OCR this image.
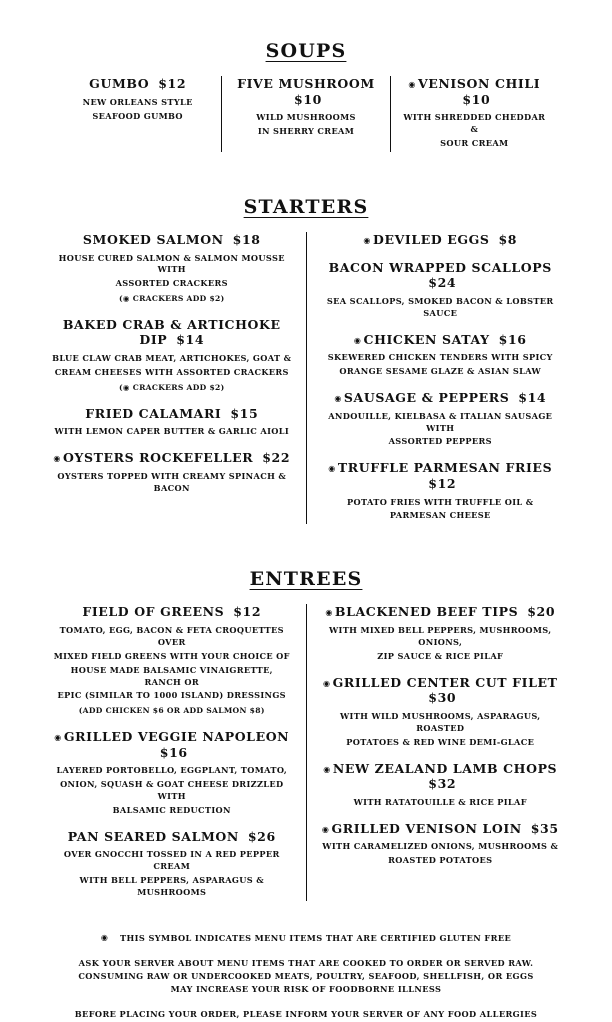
SOUPS
GUMBO $12

NEW ORLEANS STYLE

SEAFOOD GUMBO

FIVE MUSHROOM $10

WILD MUSHROOMS

IN SHERRY CREAM

◉ VENISON CHILI $10

WITH SHREDDED CHEDDAR &

SOUR CREAM

STARTERS
SMOKED SALMON $18

HOUSE CURED SALMON & SALMON MOUSSE WITH

ASSORTED CRACKERS

(◉ CRACKERS ADD $2)

BAKED CRAB & ARTICHOKE DIP $14

BLUE CLAW CRAB MEAT, ARTICHOKES, GOAT &

CREAM CHEESES WITH ASSORTED CRACKERS

(◉ CRACKERS ADD $2)

FRIED CALAMARI $15

WITH LEMON CAPER BUTTER & GARLIC AIOLI

◉ OYSTERS ROCKEFELLER $22

OYSTERS TOPPED WITH CREAMY SPINACH & BACON

◉ DEVILED EGGS $8
BACON WRAPPED SCALLOPS $24

SEA SCALLOPS, SMOKED BACON & LOBSTER SAUCE

◉ CHICKEN SATAY $16

SKEWERED CHICKEN TENDERS WITH SPICY

ORANGE SESAME GLAZE & ASIAN SLAW

◉ SAUSAGE & PEPPERS $14

ANDOUILLE, KIELBASA & ITALIAN SAUSAGE WITH

ASSORTED PEPPERS

◉ TRUFFLE PARMESAN FRIES $12

POTATO FRIES WITH TRUFFLE OIL &

PARMESAN CHEESE

ENTREES
FIELD OF GREENS $12

TOMATO, EGG, BACON & FETA CROQUETTES OVER

MIXED FIELD GREENS WITH YOUR CHOICE OF

HOUSE MADE BALSAMIC VINAIGRETTE, RANCH OR

EPIC (SIMILAR TO 1000 ISLAND) DRESSINGS

(ADD CHICKEN $6 OR ADD SALMON $8)

◉ GRILLED VEGGIE NAPOLEON $16

LAYERED PORTOBELLO, EGGPLANT, TOMATO,

ONION, SQUASH & GOAT CHEESE DRIZZLED WITH

BALSAMIC REDUCTION

PAN SEARED SALMON $26

OVER GNOCCHI TOSSED IN A RED PEPPER CREAM

WITH BELL PEPPERS, ASPARAGUS & MUSHROOMS

◉ BLACKENED BEEF TIPS $20

WITH MIXED BELL PEPPERS, MUSHROOMS, ONIONS,

ZIP SAUCE & RICE PILAF

◉ GRILLED CENTER CUT FILET $30

WITH WILD MUSHROOMS, ASPARAGUS, ROASTED

POTATOES & RED WINE DEMI-GLACE

◉ NEW ZEALAND LAMB CHOPS $32

WITH RATATOUILLE & RICE PILAF

◉ GRILLED VENISON LOIN $35

WITH CARAMELIZED ONIONS, MUSHROOMS &

ROASTED POTATOES

◉ THIS SYMBOL INDICATES MENU ITEMS THAT ARE CERTIFIED GLUTEN FREE

ASK YOUR SERVER ABOUT MENU ITEMS THAT ARE COOKED TO ORDER OR SERVED RAW.

CONSUMING RAW OR UNDERCOOKED MEATS, POULTRY, SEAFOOD, SHELLFISH, OR EGGS

MAY INCREASE YOUR RISK OF FOODBORNE ILLNESS

BEFORE PLACING YOUR ORDER, PLEASE INFORM YOUR SERVER OF ANY FOOD ALLERGIES
